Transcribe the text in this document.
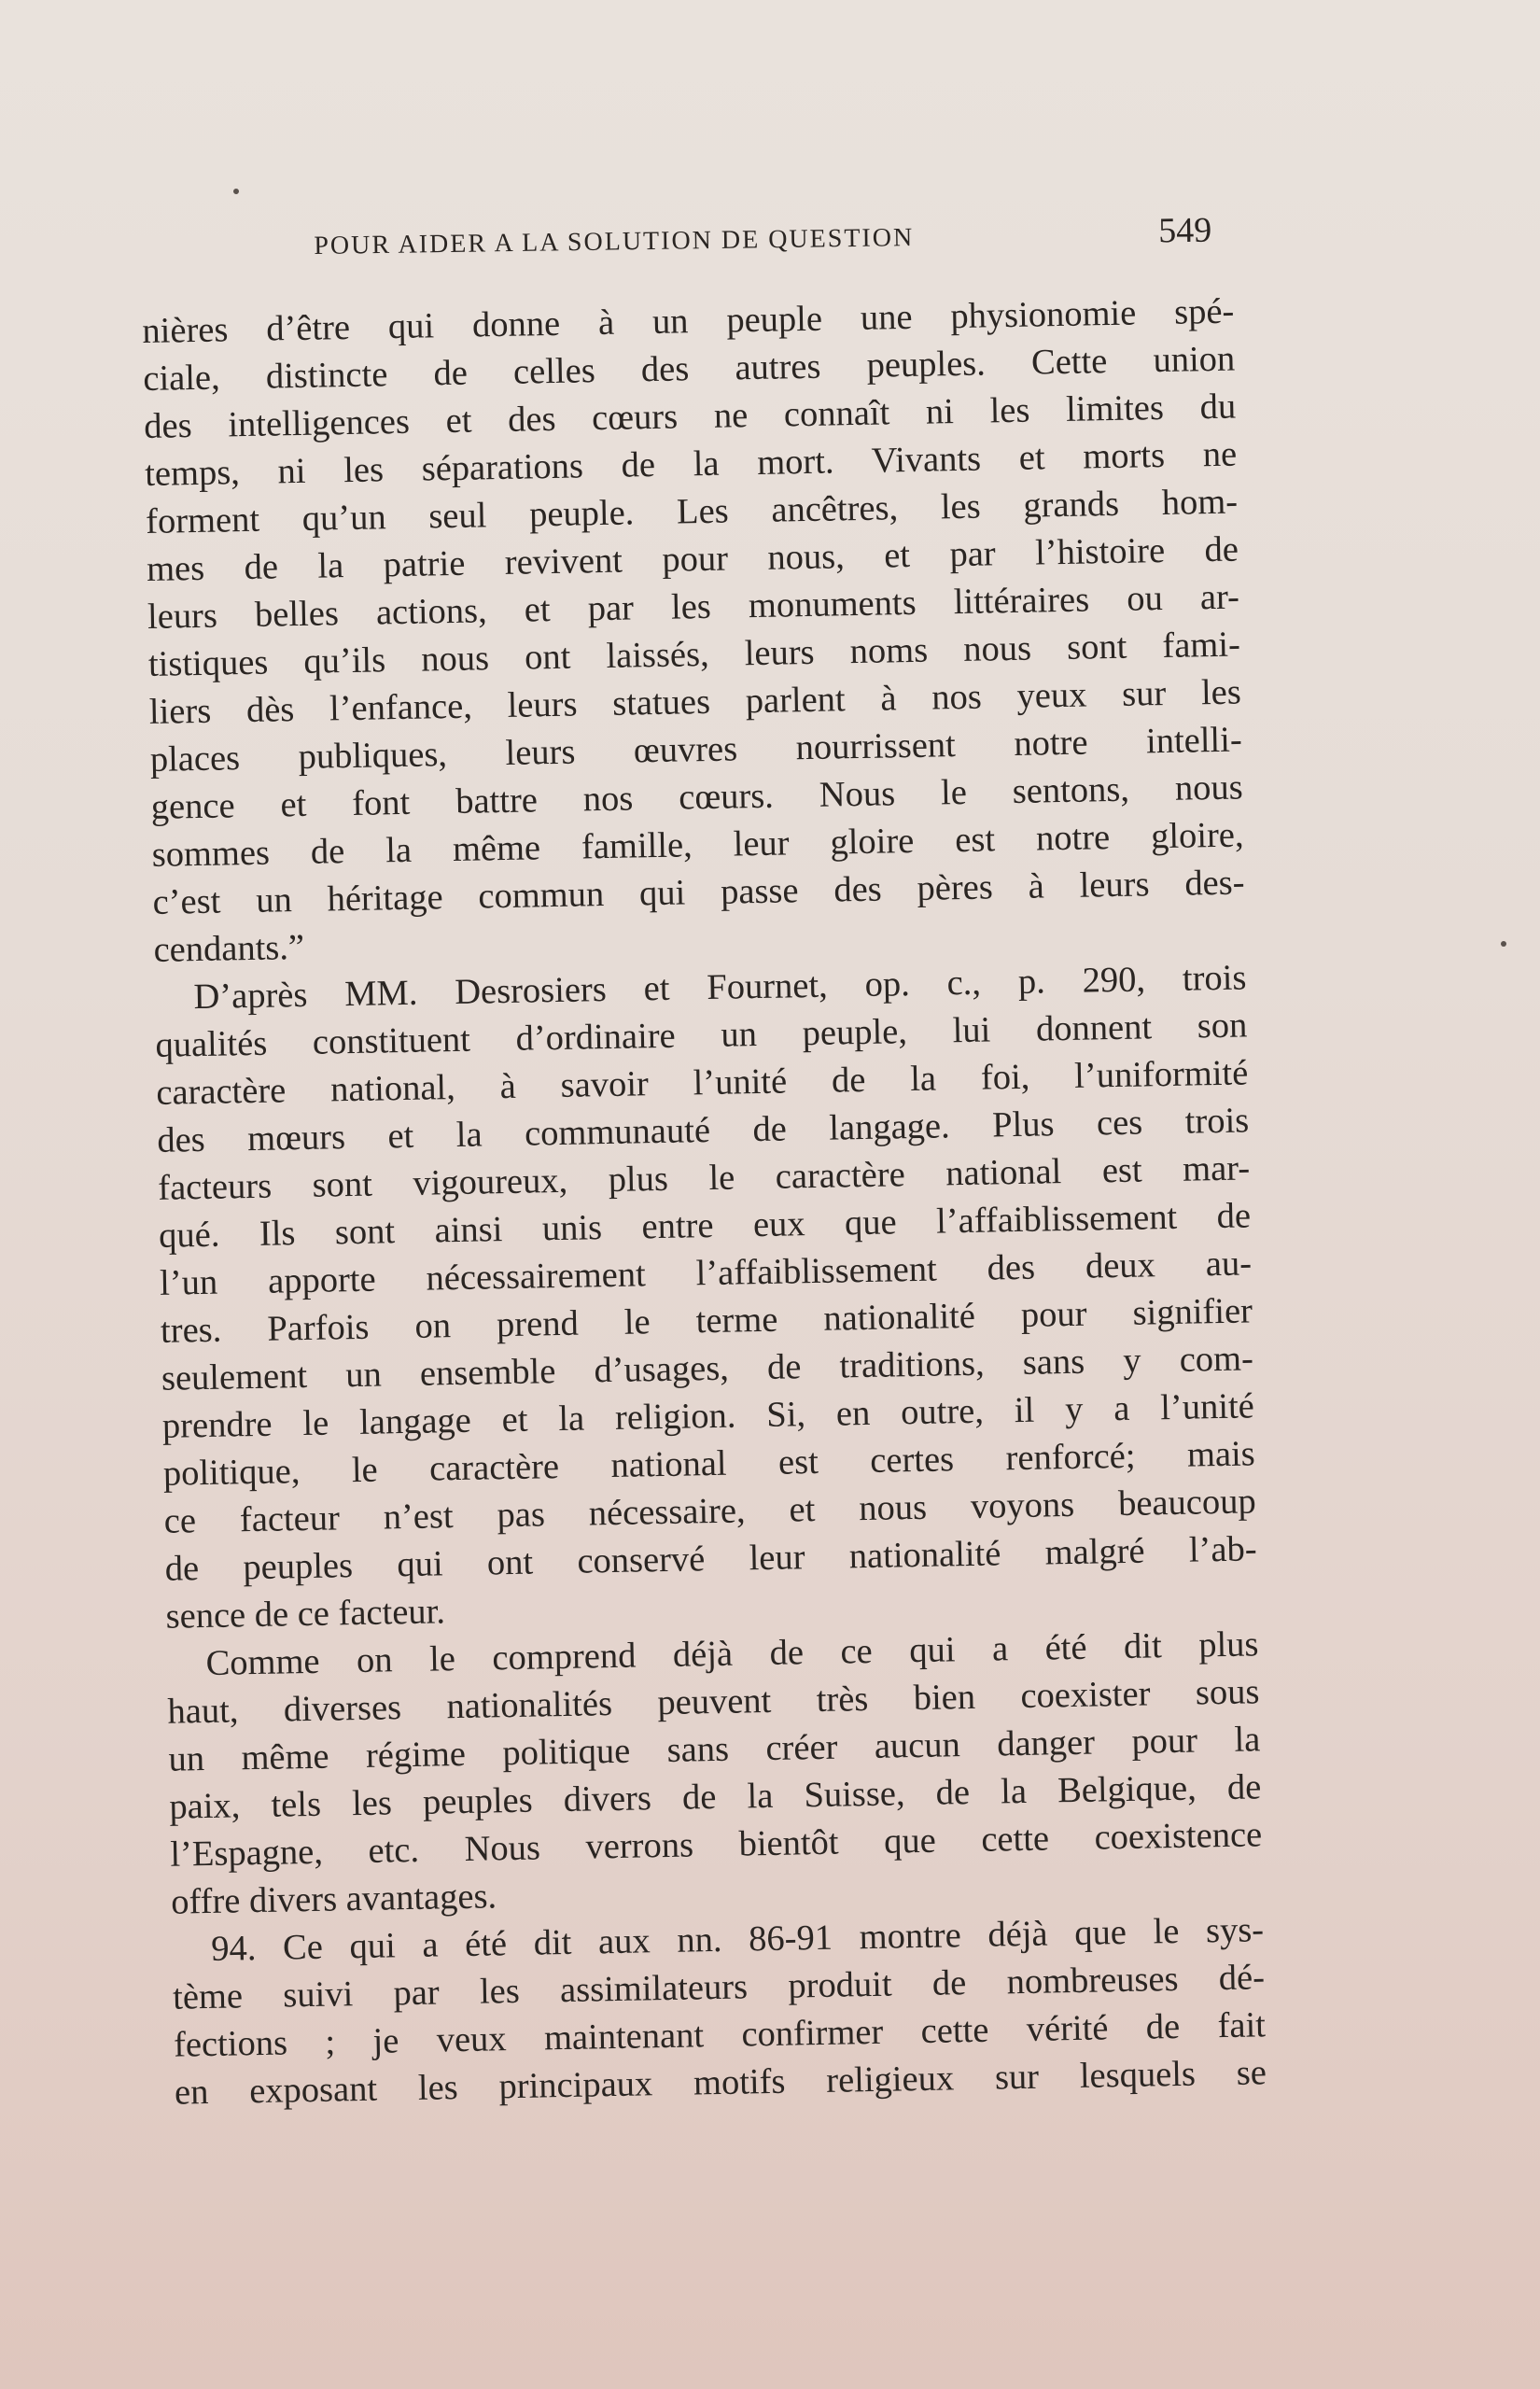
POUR AIDER A LA SOLUTION DE QUESTION	549
nières d’être qui donne à un peuple une physionomie spé-
ciale, distincte de celles des autres peuples. Cette union
des intelligences et des cœurs ne connaît ni les limites du
temps, ni les séparations de la mort. Vivants et morts ne
forment qu’un seul peuple. Les ancêtres, les grands hom-
mes de la patrie revivent pour nous, et par l’histoire de
leurs belles actions, et par les monuments littéraires ou ar-
tistiques qu’ils nous ont laissés, leurs noms nous sont fami-
liers dès l’enfance, leurs statues parlent à nos yeux sur les
places publiques, leurs œuvres nourrissent notre intelli-
gence et font battre nos cœurs. Nous le sentons, nous
sommes de la même famille, leur gloire est notre gloire,
c’est un héritage commun qui passe des pères à leurs des-
cendants.”
D’après MM. Desrosiers et Fournet, op. c., p. 290, trois
qualités constituent d’ordinaire un peuple, lui donnent son
caractère national, à savoir l’unité de la foi, l’uniformité
des mœurs et la communauté de langage. Plus ces trois
facteurs sont vigoureux, plus le caractère national est mar-
qué. Ils sont ainsi unis entre eux que l’affaiblissement de
l’un apporte nécessairement l’affaiblissement des deux au-
tres. Parfois on prend le terme nationalité pour signifier
seulement un ensemble d’usages, de traditions, sans y com-
prendre le langage et la religion. Si, en outre, il y a l’unité
politique, le caractère national est certes renforcé; mais
ce facteur n’est pas nécessaire, et nous voyons beaucoup
de peuples qui ont conservé leur nationalité malgré l’ab-
sence de ce facteur.
Comme on le comprend déjà de ce qui a été dit plus
haut, diverses nationalités peuvent très bien coexister sous
un même régime politique sans créer aucun danger pour la
paix, tels les peuples divers de la Suisse, de la Belgique, de
l’Espagne, etc. Nous verrons bientôt que cette coexistence
offre divers avantages.
94. Ce qui a été dit aux nn. 86-91 montre déjà que le sys-
tème suivi par les assimilateurs produit de nombreuses dé-
fections ; je veux maintenant confirmer cette vérité de fait
en exposant les principaux motifs religieux sur lesquels se
